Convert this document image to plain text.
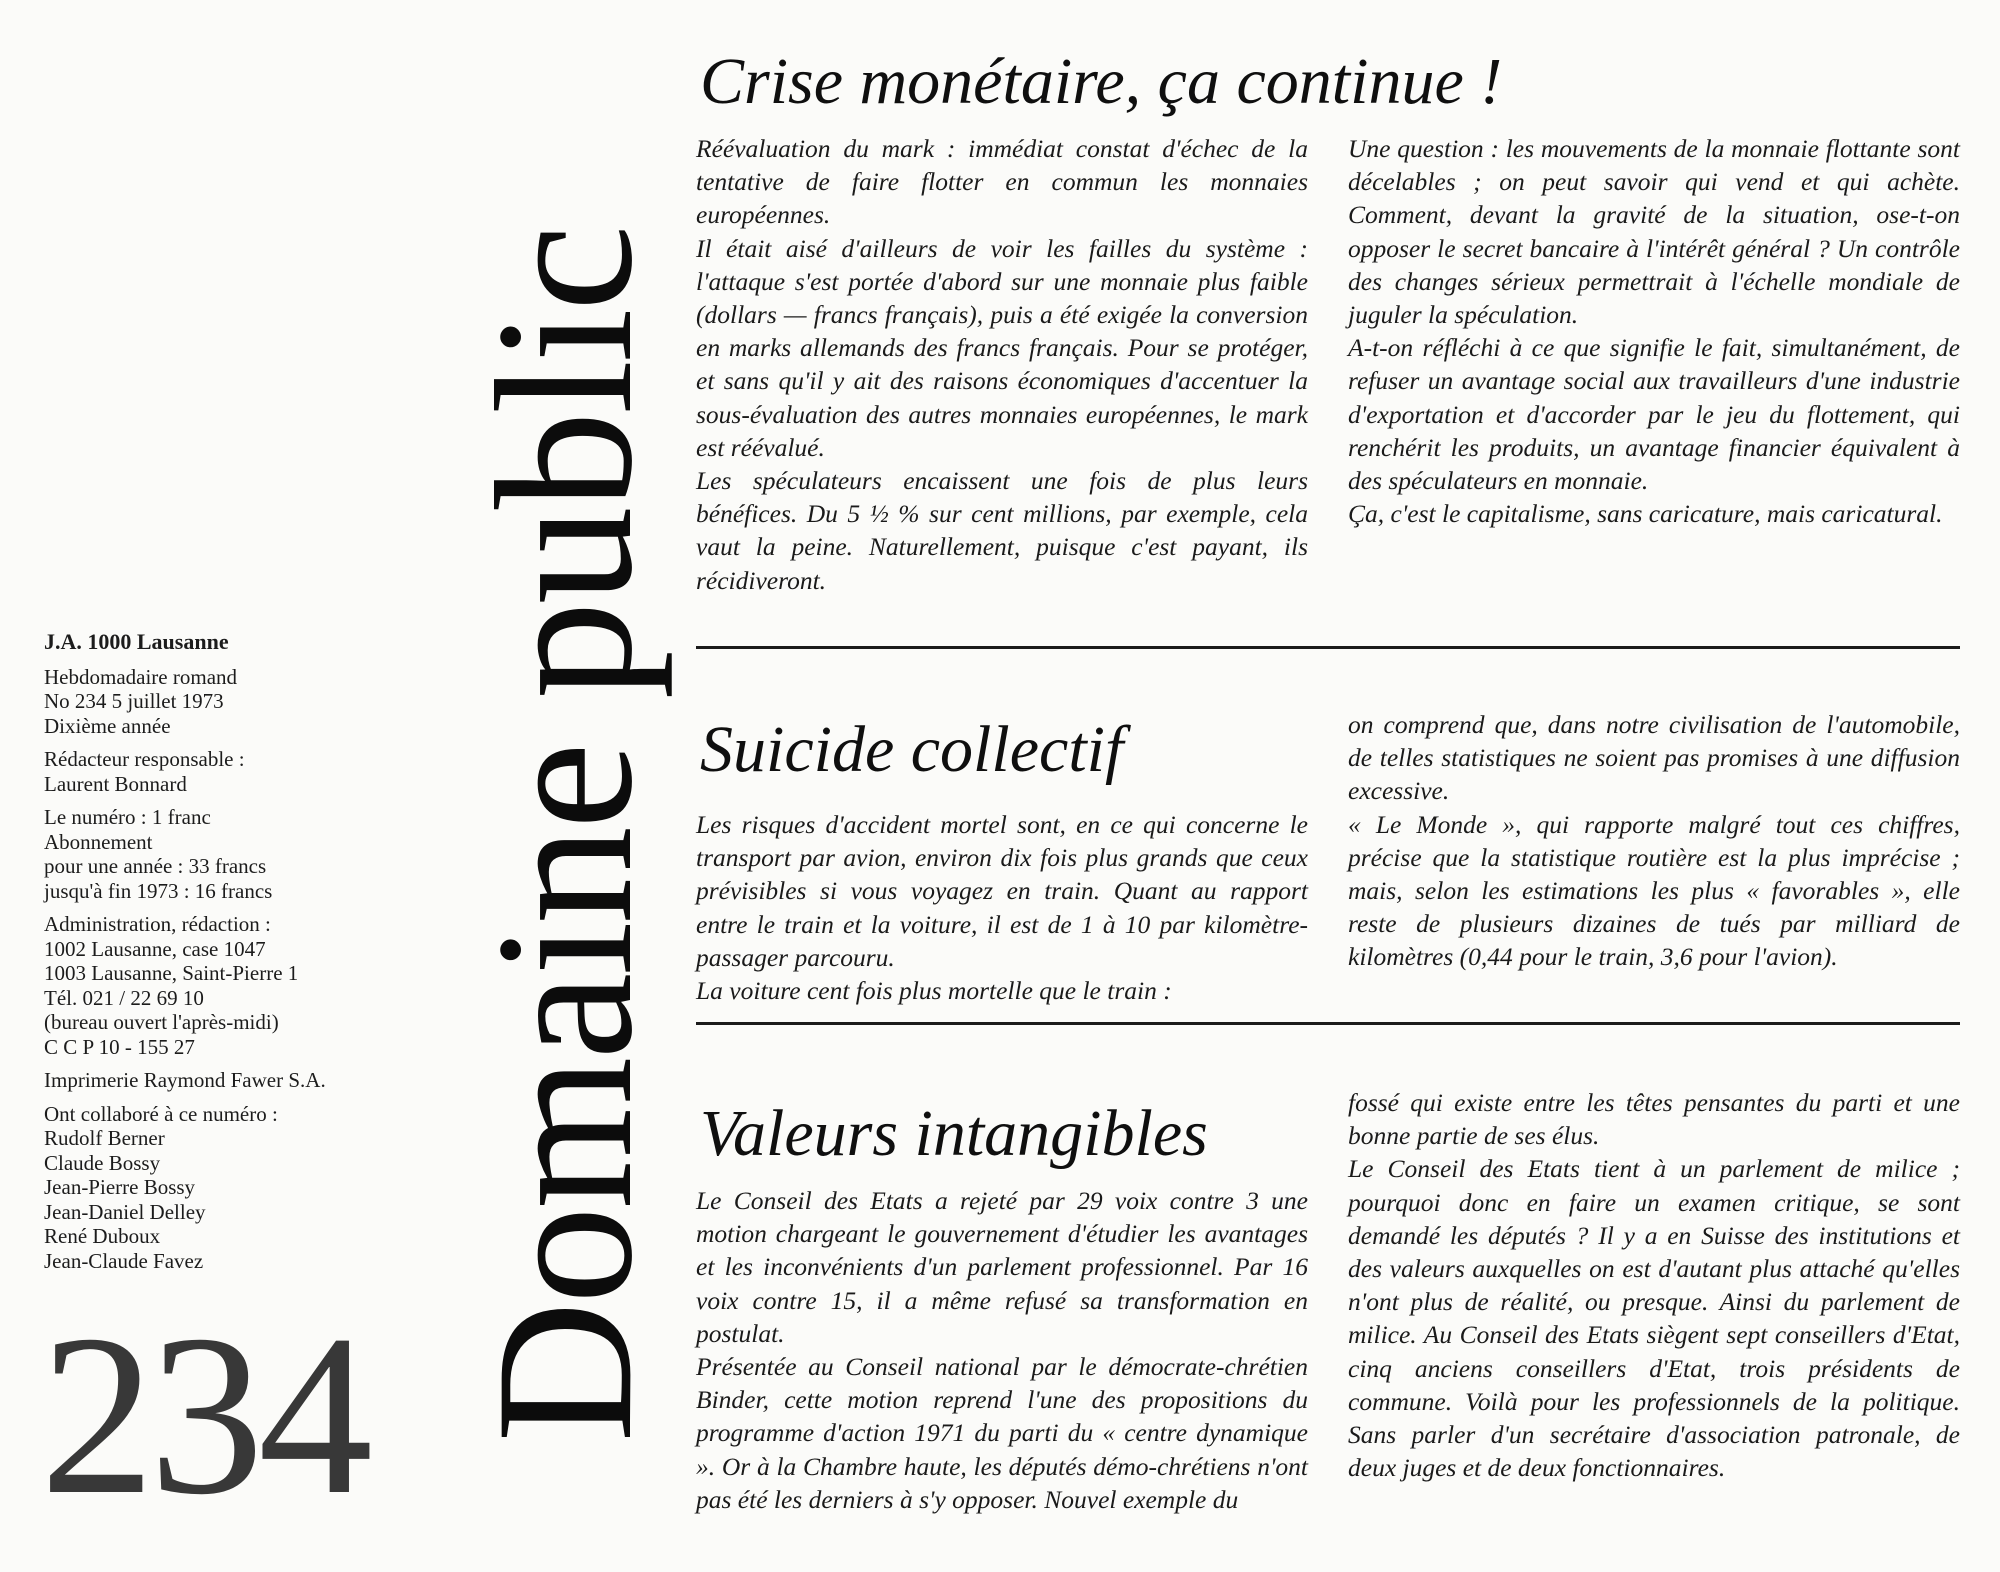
J.A. 1000 Lausanne
Hebdomadaire romand
No 234 5 juillet 1973
Dixième année
Rédacteur responsable :
Laurent Bonnard
Le numéro : 1 franc
Abonnement
pour une année : 33 francs
jusqu'à fin 1973 : 16 francs
Administration, rédaction :
1002 Lausanne, case 1047
1003 Lausanne, Saint-Pierre 1
Tél. 021 / 22 69 10
(bureau ouvert l'après-midi)
C C P 10 - 155 27
Imprimerie Raymond Fawer S.A.
Ont collaboré à ce numéro :
Rudolf Berner
Claude Bossy
Jean-Pierre Bossy
Jean-Daniel Delley
René Duboux
Jean-Claude Favez
234 Domaine public
Crise monétaire, ça continue !

Réévaluation du mark : immédiat constat d'échec de la tentative de faire flotter en commun les monnaies européennes.

Il était aisé d'ailleurs de voir les failles du système : l'attaque s'est portée d'abord sur une monnaie plus faible (dollars — francs français), puis a été exigée la conversion en marks allemands des francs français. Pour se protéger, et sans qu'il y ait des raisons économiques d'accentuer la sous-évaluation des autres monnaies européennes, le mark est réévalué.

Les spéculateurs encaissent une fois de plus leurs bénéfices. Du 5 ½ % sur cent millions, par exemple, cela vaut la peine. Naturellement, puisque c'est payant, ils récidiveront.

Une question : les mouvements de la monnaie flottante sont décelables ; on peut savoir qui vend et qui achète. Comment, devant la gravité de la situation, ose-t-on opposer le secret bancaire à l'intérêt général ? Un contrôle des changes sérieux permettrait à l'échelle mondiale de juguler la spéculation.

A-t-on réfléchi à ce que signifie le fait, simultanément, de refuser un avantage social aux travailleurs d'une industrie d'exportation et d'accorder par le jeu du flottement, qui renchérit les produits, un avantage financier équivalent à des spéculateurs en monnaie.

Ça, c'est le capitalisme, sans caricature, mais caricatural.

Suicide collectif

Les risques d'accident mortel sont, en ce qui concerne le transport par avion, environ dix fois plus grands que ceux prévisibles si vous voyagez en train. Quant au rapport entre le train et la voiture, il est de 1 à 10 par kilomètre-passager parcouru.

La voiture cent fois plus mortelle que le train :

on comprend que, dans notre civilisation de l'automobile, de telles statistiques ne soient pas promises à une diffusion excessive.

« Le Monde », qui rapporte malgré tout ces chiffres, précise que la statistique routière est la plus imprécise ; mais, selon les estimations les plus « favorables », elle reste de plusieurs dizaines de tués par milliard de kilomètres (0,44 pour le train, 3,6 pour l'avion).

Valeurs intangibles

Le Conseil des Etats a rejeté par 29 voix contre 3 une motion chargeant le gouvernement d'étudier les avantages et les inconvénients d'un parlement professionnel. Par 16 voix contre 15, il a même refusé sa transformation en postulat.

Présentée au Conseil national par le démocrate-chrétien Binder, cette motion reprend l'une des propositions du programme d'action 1971 du parti du « centre dynamique ». Or à la Chambre haute, les députés démo-chrétiens n'ont pas été les derniers à s'y opposer. Nouvel exemple du

fossé qui existe entre les têtes pensantes du parti et une bonne partie de ses élus.

Le Conseil des Etats tient à un parlement de milice ; pourquoi donc en faire un examen critique, se sont demandé les députés ? Il y a en Suisse des institutions et des valeurs auxquelles on est d'autant plus attaché qu'elles n'ont plus de réalité, ou presque. Ainsi du parlement de milice. Au Conseil des Etats siègent sept conseillers d'Etat, cinq anciens conseillers d'Etat, trois présidents de commune. Voilà pour les professionnels de la politique. Sans parler d'un secrétaire d'association patronale, de deux juges et de deux fonctionnaires.
